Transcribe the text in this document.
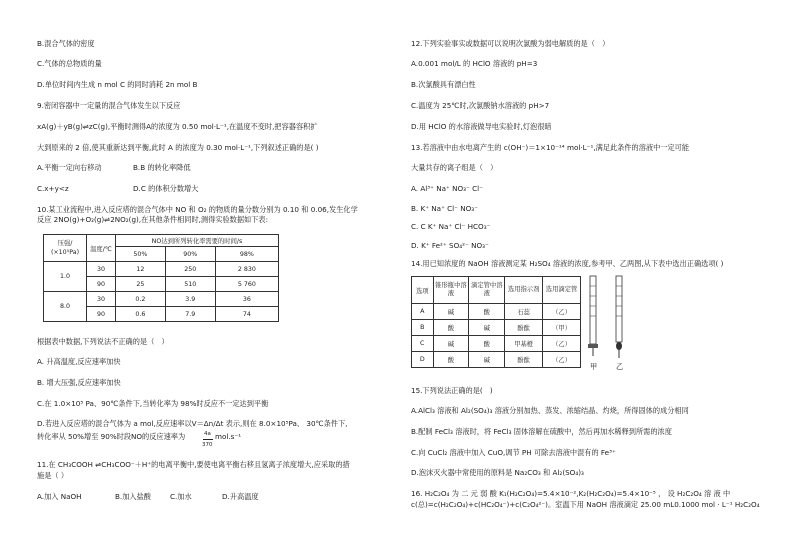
B.混合气体的密度
C.气体的总物质的量
D.单位时间内生成 n mol C 的同时消耗 2n mol B
9.密闭容器中一定量的混合气体发生以下反应
xA(g)＋yB(g)⇌zC(g),平衡时测得A的浓度为 0.50 mol·L⁻¹,在温度不变时,把容器容积扩
大到原来的 2 倍,使其重新达到平衡,此时 A 的浓度为 0.30 mol·L⁻¹,下列叙述正确的是( )
A.平衡一定向右移动	B.B 的转化率降低
C.x+y<z	D.C 的体积分数增大
10.某工业流程中,进入反应塔的混合气体中 NO 和 O₂ 的物质的量分数分别为 0.10 和 0.06,发生化学
反应 2NO(g)+O₂(g)⇌2NO₂(g),在其他条件相同时,测得实验数据如下表:
压强/
(×10⁵Pa)	温度/℃	NO达到所列转化率需要的时间/s		
		50%	90%	98%
1.0	30	12	250	2 830
	90	25	510	5 760
8.0	30	0.2	3.9	36
	90	0.6	7.9	74
根据表中数据,下列说法不正确的是（　）
A. 升高温度,反应速率加快
B. 增大压强,反应速率加快
C.在 1.0×10⁵ Pa、90℃条件下,当转化率为 98%时反应不一定达到平衡
D.若进入反应塔的混合气体为 a mol,反应速率以V＝Δn/Δt 表示,则在 8.0×10⁵Pa、 30℃条件下,
转化率从 50%增至 90%时段NO的反应速率为	4a
370
mol.s⁻¹
11.在 CH₃COOH ⇌CH₃COO⁻＋H⁺的电离平衡中,要使电离平衡右移且氢离子浓度增大,应采取的措
施是（ ）
A.加入 NaOH	B.加入盐酸	C.加水	D.升高温度
12.下列实验事实或数据可以说明次氯酸为弱电解质的是（　）
A.0.001 mol/L 的 HClO 溶液的 pH=3
B.次氯酸具有漂白性
C.温度为 25℃时,次氯酸钠水溶液的 pH>7
D.用 HClO 的水溶液做导电实验时,灯泡很暗
13.若溶液中由水电离产生的 c(OH⁻)＝1×10⁻¹⁴ mol·L⁻¹,满足此条件的溶液中一定可能
大量共存的离子组是（　）
A. Al³⁺ Na⁺ NO₃⁻ Cl⁻
B. K⁺ Na⁺ Cl⁻ NO₃⁻
C. C K⁺ Na⁺ Cl⁻ HCO₃⁻
D. K⁺ Fe²⁺ SO₄²⁻ NO₃⁻
14.用已知浓度的 NaOH 溶液测定某 H₂SO₄ 溶液的浓度,参考甲、乙两图,从下表中选出正确选项( )
选项	锥形瓶中溶液	滴定管中溶液	选用指示剂	选用滴定管
A	碱	酸	石蕊	（乙）
B	酸	碱	酚酞	（甲）
C	碱	酸	甲基橙	（乙）
D	酸	碱	酚酞	（乙）
甲	乙
15.下列说法正确的是(　)
A.AlCl₃ 溶液和 Al₂(SO₄)₃ 溶液分别加热、蒸发、浓缩结晶、灼烧，所得固体的成分相同
B.配制 FeCl₃ 溶液时，将 FeCl₃ 固体溶解在硫酸中，然后再加水稀释到所需的浓度
C.向 CuCl₂ 溶液中加入 CuO,调节 PH 可除去溶液中混有的 Fe³⁺
D.泡沫灭火器中常使用的原料是 Na₂CO₃ 和 Al₂(SO₄)₃
16. H₂C₂O₄ 为 二 元 弱 酸 K₁(H₂C₂O₄)=5.4×10⁻²,K₂(H₂C₂O₄)=5.4×10⁻⁵ ， 设 H₂C₂O₄ 溶 液 中
c(总)=c(H₂C₂O₄)+c(HC₂O₄⁻)+c(C₂O₄²⁻)。室温下用 NaOH 溶液滴定 25.00 mL0.1000 mol · L⁻¹ H₂C₂O₄
